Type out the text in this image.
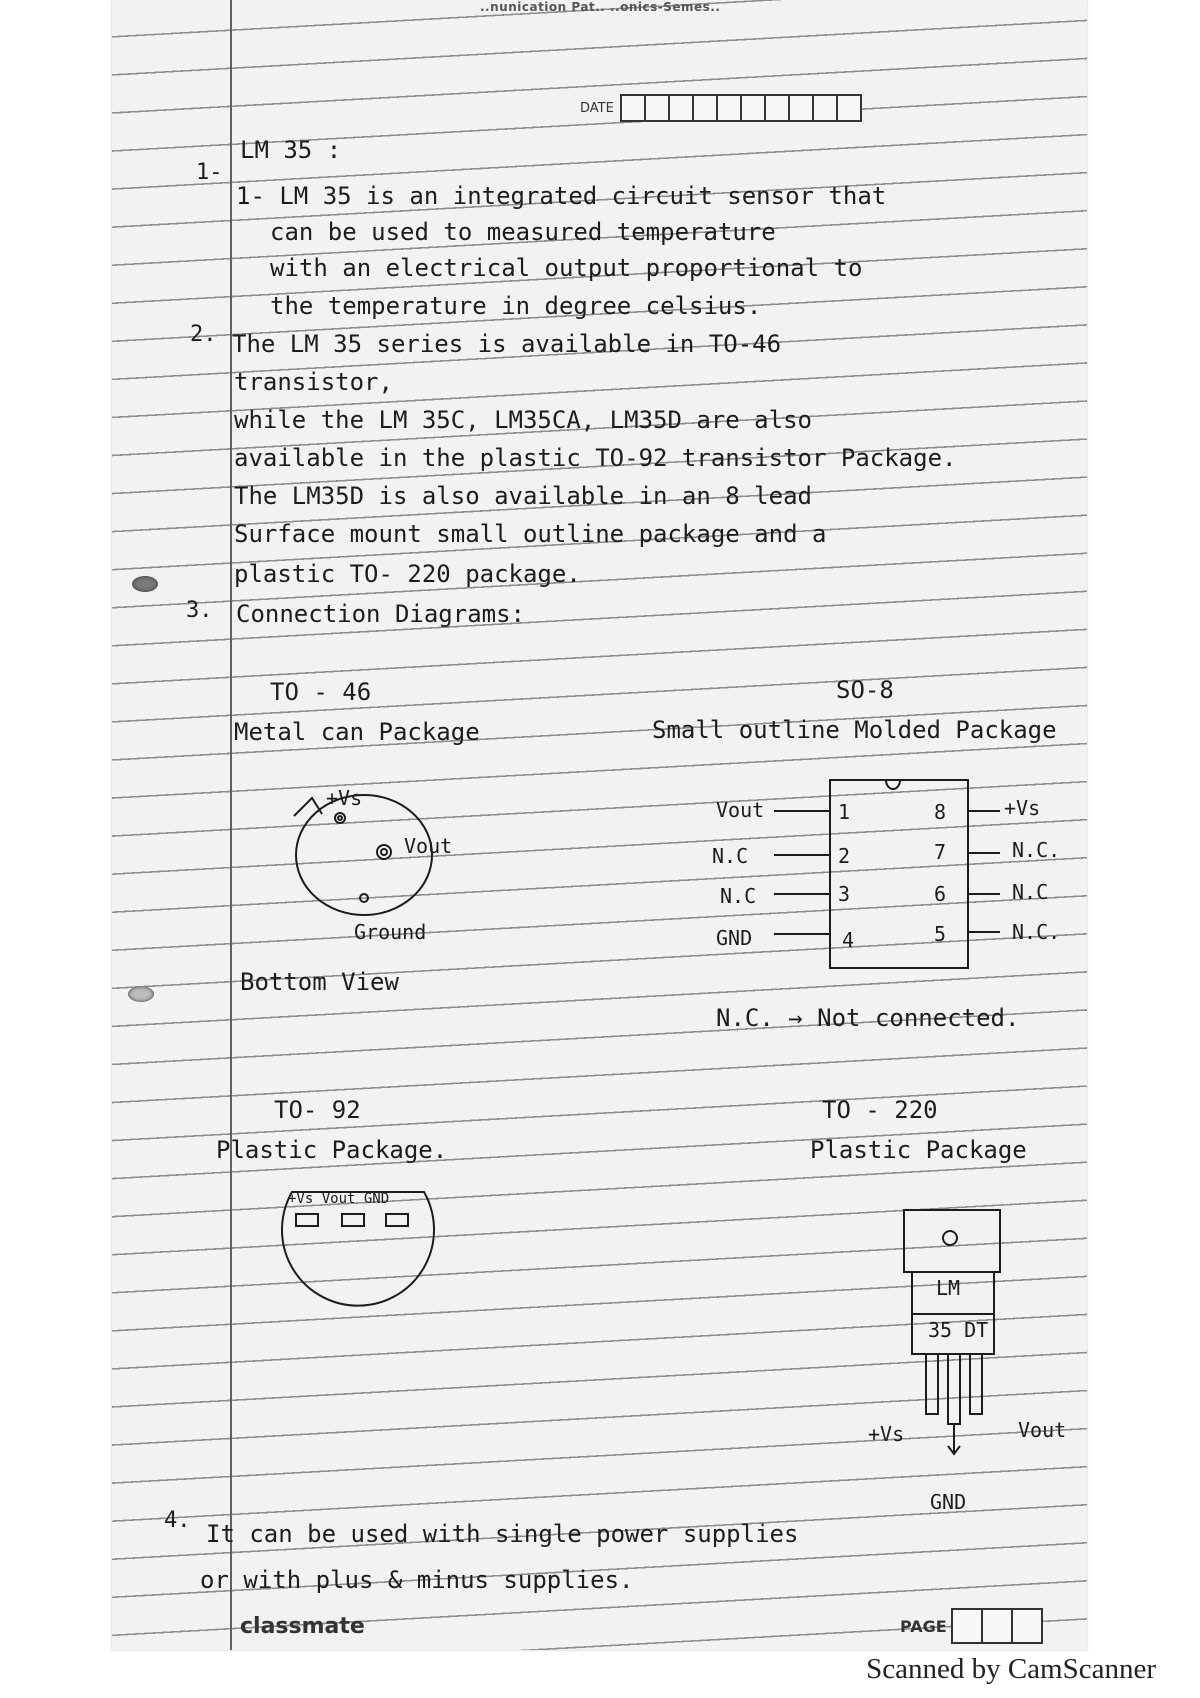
..nunication Pat.. ..onics-Semes..
DATE
LM 35 :
1-
1- LM 35 is an integrated circuit sensor that
can be used to measured temperature
with an electrical output proportional to
the temperature in degree celsius.
2. The LM 35 series is available in TO-46
transistor,
while the LM 35C, LM35CA, LM35D are also
available in the plastic TO-92 transistor Package.
The LM35D is also available in an 8 lead
Surface mount small outline package and a
plastic TO- 220 package.
3. Connection Diagrams:
TO - 46
Metal can Package
+Vs
Vout
Ground
Bottom View
SO-8
Small outline Molded Package
Vout
N.C
N.C
GND
1
2
3
4
8
7
6
5
+Vs
N.C.
N.C
N.C.
N.C. → Not connected.
TO- 92
Plastic Package.
+Vs Vout GND
TO - 220
Plastic Package
LM
35 DT
+Vs	Vout
GND
4. It can be used with single power supplies
or with plus & minus supplies.
classmate	PAGE
Scanned by CamScanner
